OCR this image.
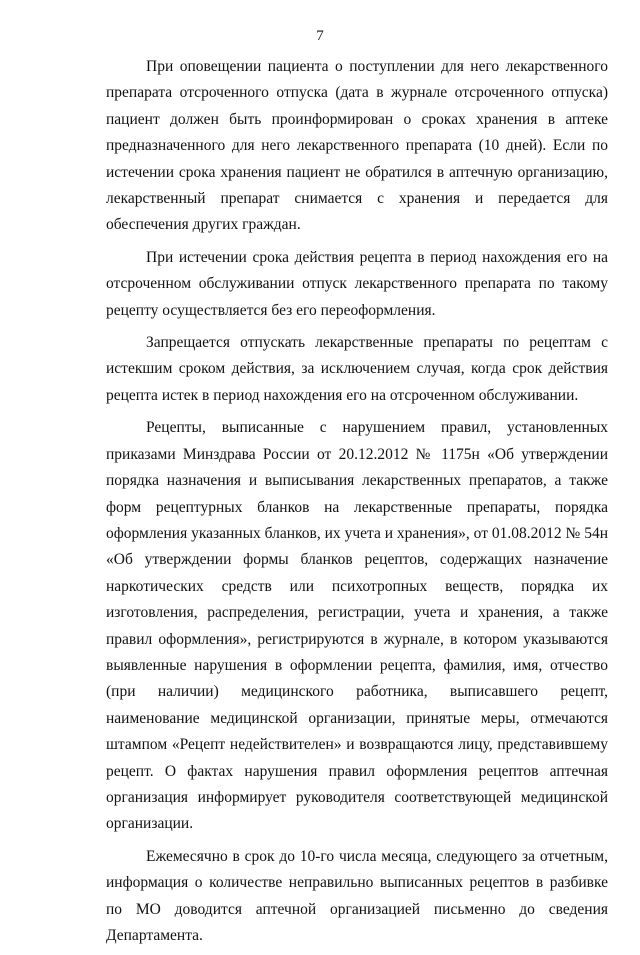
7

При оповещении пациента о поступлении для него лекарственного препарата отсроченного отпуска (дата в журнале отсроченного отпуска) пациент должен быть проинформирован о сроках хранения в аптеке предназначенного для него лекарственного препарата (10 дней). Если по истечении срока хранения пациент не обратился в аптечную организацию, лекарственный препарат снимается с хранения и передается для обеспечения других граждан.

При истечении срока действия рецепта в период нахождения его на отсроченном обслуживании отпуск лекарственного препарата по такому рецепту осуществляется без его переоформления.

Запрещается отпускать лекарственные препараты по рецептам с истекшим сроком действия, за исключением случая, когда срок действия рецепта истек в период нахождения его на отсроченном обслуживании.

Рецепты, выписанные с нарушением правил, установленных приказами Минздрава России от 20.12.2012 № 1175н «Об утверждении порядка назначения и выписывания лекарственных препаратов, а также форм рецептурных бланков на лекарственные препараты, порядка оформления указанных бланков, их учета и хранения», от 01.08.2012 № 54н «Об утверждении формы бланков рецептов, содержащих назначение наркотических средств или психотропных веществ, порядка их изготовления, распределения, регистрации, учета и хранения, а также правил оформления», регистрируются в журнале, в котором указываются выявленные нарушения в оформлении рецепта, фамилия, имя, отчество (при наличии) медицинского работника, выписавшего рецепт, наименование медицинской организации, принятые меры, отмечаются штампом «Рецепт недействителен» и возвращаются лицу, представившему рецепт. О фактах нарушения правил оформления рецептов аптечная организация информирует руководителя соответствующей медицинской организации.

Ежемесячно в срок до 10-го числа месяца, следующего за отчетным, информация о количестве неправильно выписанных рецептов в разбивке по МО доводится аптечной организацией письменно до сведения Департамента.
